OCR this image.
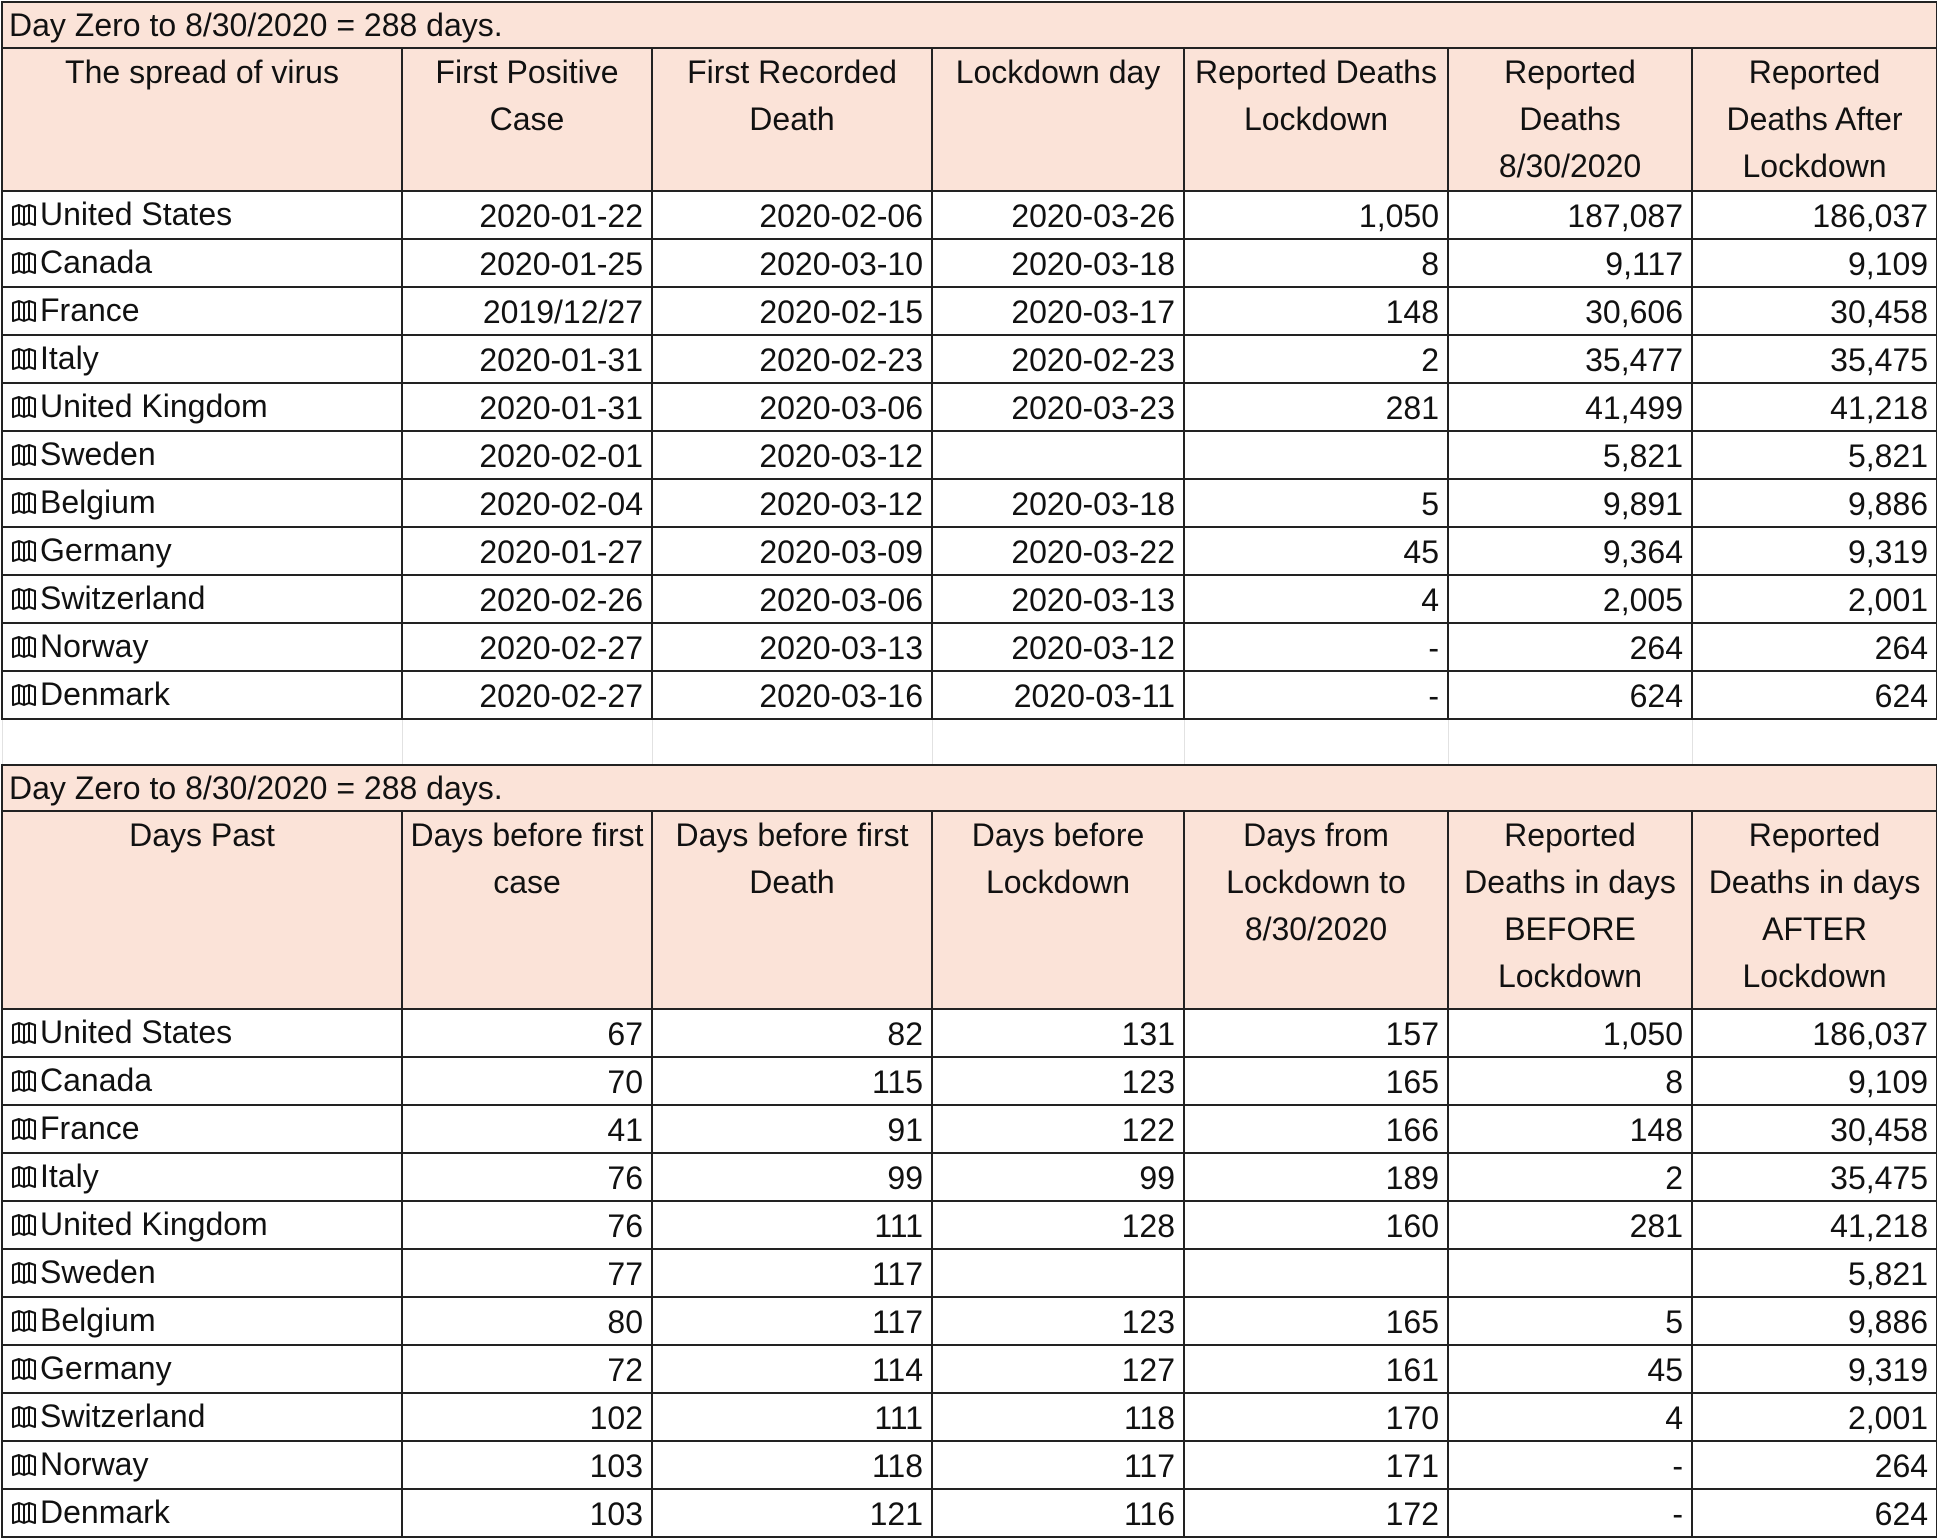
Day Zero to 8/30/2020 = 288 days.						
The spread of virus	First Positive Case	First Recorded Death	Lockdown day	Reported Deaths Lockdown	Reported Deaths 8/30/2020	Reported Deaths After Lockdown
United States	2020-01-22	2020-02-06	2020-03-26	1,050	187,087	186,037
Canada	2020-01-25	2020-03-10	2020-03-18	8	9,117	9,109
France	2019/12/27	2020-02-15	2020-03-17	148	30,606	30,458
Italy	2020-01-31	2020-02-23	2020-02-23	2	35,477	35,475
United Kingdom	2020-01-31	2020-03-06	2020-03-23	281	41,499	41,218
Sweden	2020-02-01	2020-03-12			5,821	5,821
Belgium	2020-02-04	2020-03-12	2020-03-18	5	9,891	9,886
Germany	2020-01-27	2020-03-09	2020-03-22	45	9,364	9,319
Switzerland	2020-02-26	2020-03-06	2020-03-13	4	2,005	2,001
Norway	2020-02-27	2020-03-13	2020-03-12	-	264	264
Denmark	2020-02-27	2020-03-16	2020-03-11	-	624	624

Day Zero to 8/30/2020 = 288 days.						
Days Past	Days before first case	Days before first Death	Days before Lockdown	Days from Lockdown to 8/30/2020	Reported Deaths in days BEFORE Lockdown	Reported Deaths in days AFTER Lockdown
United States	67	82	131	157	1,050	186,037
Canada	70	115	123	165	8	9,109
France	41	91	122	166	148	30,458
Italy	76	99	99	189	2	35,475
United Kingdom	76	111	128	160	281	41,218
Sweden	77	117				5,821
Belgium	80	117	123	165	5	9,886
Germany	72	114	127	161	45	9,319
Switzerland	102	111	118	170	4	2,001
Norway	103	118	117	171	-	264
Denmark	103	121	116	172	-	624
